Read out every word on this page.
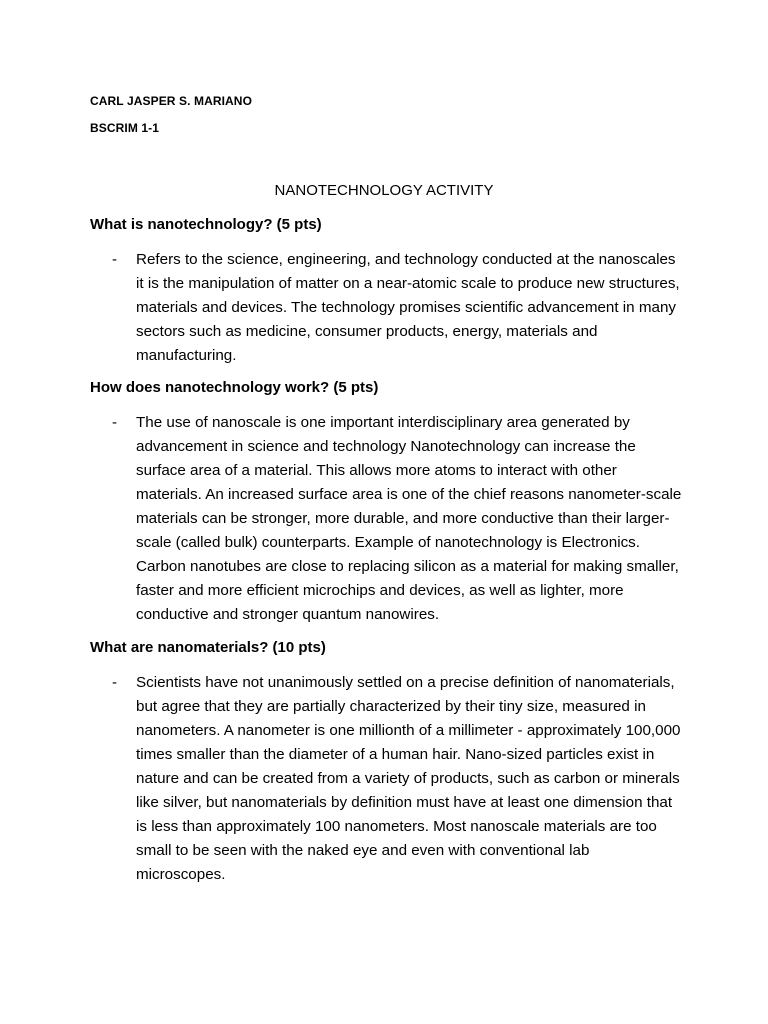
CARL JASPER S. MARIANO
BSCRIM 1-1
NANOTECHNOLOGY ACTIVITY
What is nanotechnology? (5 pts)
-	Refers to the science, engineering, and technology conducted at the nanoscales it is the manipulation of matter on a near-atomic scale to produce new structures, materials and devices. The technology promises scientific advancement in many sectors such as medicine, consumer products, energy, materials and manufacturing.
How does nanotechnology work? (5 pts)
-	The use of nanoscale is one important interdisciplinary area generated by advancement in science and technology Nanotechnology can increase the surface area of a material. This allows more atoms to interact with other materials. An increased surface area is one of the chief reasons nanometer-scale materials can be stronger, more durable, and more conductive than their larger-scale (called bulk) counterparts. Example of nanotechnology is Electronics. Carbon nanotubes are close to replacing silicon as a material for making smaller, faster and more efficient microchips and devices, as well as lighter, more conductive and stronger quantum nanowires.
What are nanomaterials? (10 pts)
-	Scientists have not unanimously settled on a precise definition of nanomaterials, but agree that they are partially characterized by their tiny size, measured in nanometers. A nanometer is one millionth of a millimeter - approximately 100,000 times smaller than the diameter of a human hair. Nano-sized particles exist in nature and can be created from a variety of products, such as carbon or minerals like silver, but nanomaterials by definition must have at least one dimension that is less than approximately 100 nanometers. Most nanoscale materials are too small to be seen with the naked eye and even with conventional lab microscopes.
